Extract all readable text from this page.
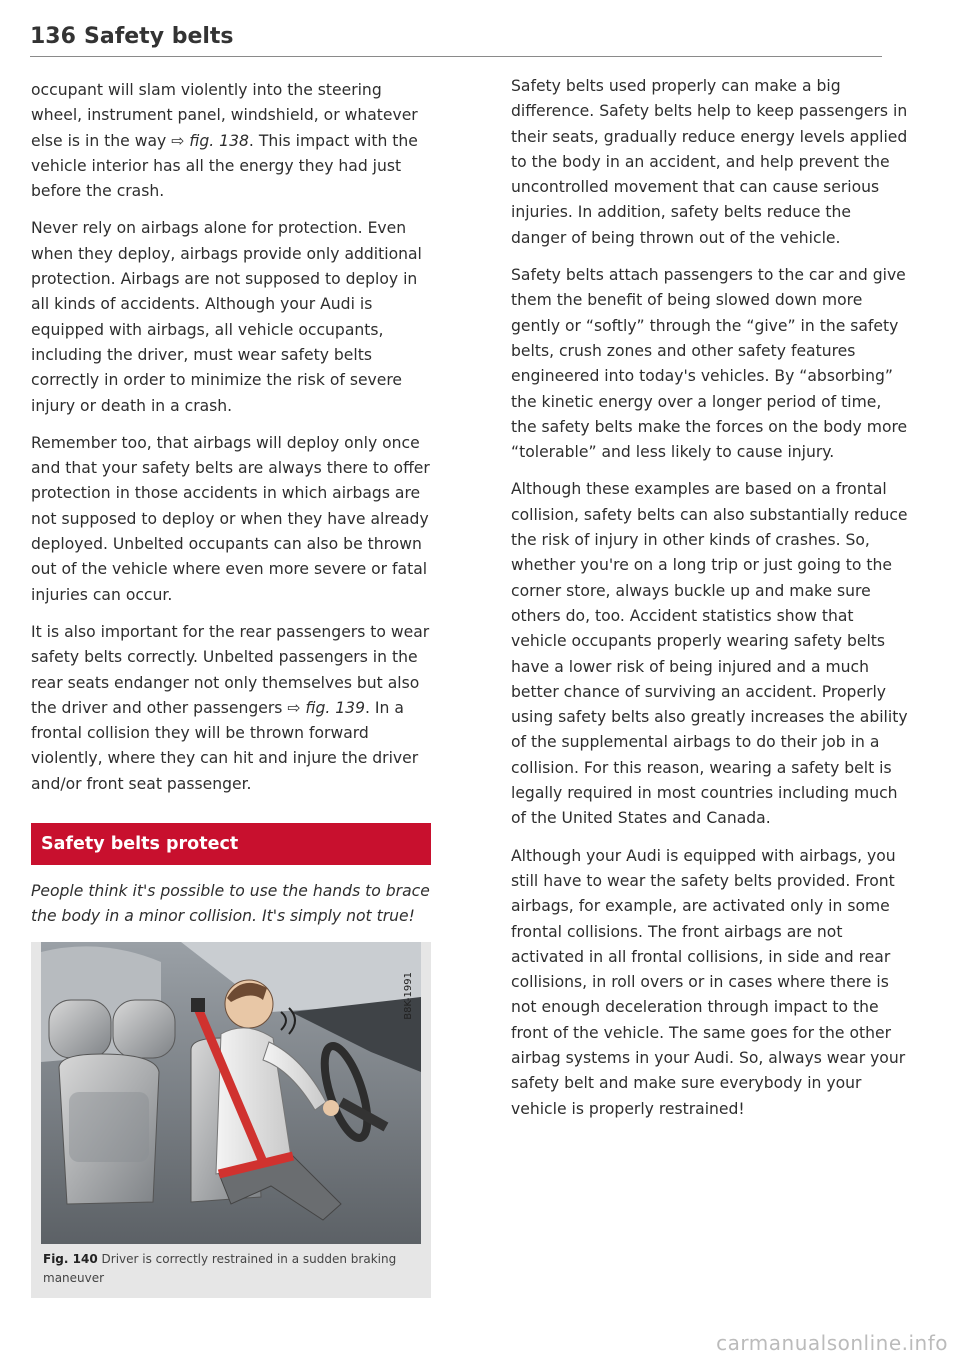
136 Safety belts

occupant will slam violently into the steering wheel, instrument panel, windshield, or whatever else is in the way ⇨ fig. 138. This impact with the vehicle interior has all the energy they had just before the crash.

Never rely on airbags alone for protection. Even when they deploy, airbags provide only additional protection. Airbags are not supposed to deploy in all kinds of accidents. Although your Audi is equipped with airbags, all vehicle occupants, including the driver, must wear safety belts correctly in order to minimize the risk of severe injury or death in a crash.

Remember too, that airbags will deploy only once and that your safety belts are always there to offer protection in those accidents in which airbags are not supposed to deploy or when they have already deployed. Unbelted occupants can also be thrown out of the vehicle where even more severe or fatal injuries can occur.

It is also important for the rear passengers to wear safety belts correctly. Unbelted passengers in the rear seats endanger not only themselves but also the driver and other passengers ⇨ fig. 139. In a frontal collision they will be thrown forward violently, where they can hit and injure the driver and/or front seat passenger.

Safety belts protect

People think it's possible to use the hands to brace the body in a minor collision. It's simply not true!

B8K-1991
Fig. 140 Driver is correctly restrained in a sudden braking maneuver

Safety belts used properly can make a big difference. Safety belts help to keep passengers in their seats, gradually reduce energy levels applied to the body in an accident, and help prevent the uncontrolled movement that can cause serious injuries. In addition, safety belts reduce the danger of being thrown out of the vehicle.

Safety belts attach passengers to the car and give them the benefit of being slowed down more gently or “softly” through the “give” in the safety belts, crush zones and other safety features engineered into today's vehicles. By “absorbing” the kinetic energy over a longer period of time, the safety belts make the forces on the body more “tolerable” and less likely to cause injury.

Although these examples are based on a frontal collision, safety belts can also substantially reduce the risk of injury in other kinds of crashes. So, whether you're on a long trip or just going to the corner store, always buckle up and make sure others do, too. Accident statistics show that vehicle occupants properly wearing safety belts have a lower risk of being injured and a much better chance of surviving an accident. Properly using safety belts also greatly increases the ability of the supplemental airbags to do their job in a collision. For this reason, wearing a safety belt is legally required in most countries including much of the United States and Canada.

Although your Audi is equipped with airbags, you still have to wear the safety belts provided. Front airbags, for example, are activated only in some frontal collisions. The front airbags are not activated in all frontal collisions, in side and rear collisions, in roll overs or in cases where there is not enough deceleration through impact to the front of the vehicle. The same goes for the other airbag systems in your Audi. So, always wear your safety belt and make sure everybody in your vehicle is properly restrained!

carmanualsonline.info
